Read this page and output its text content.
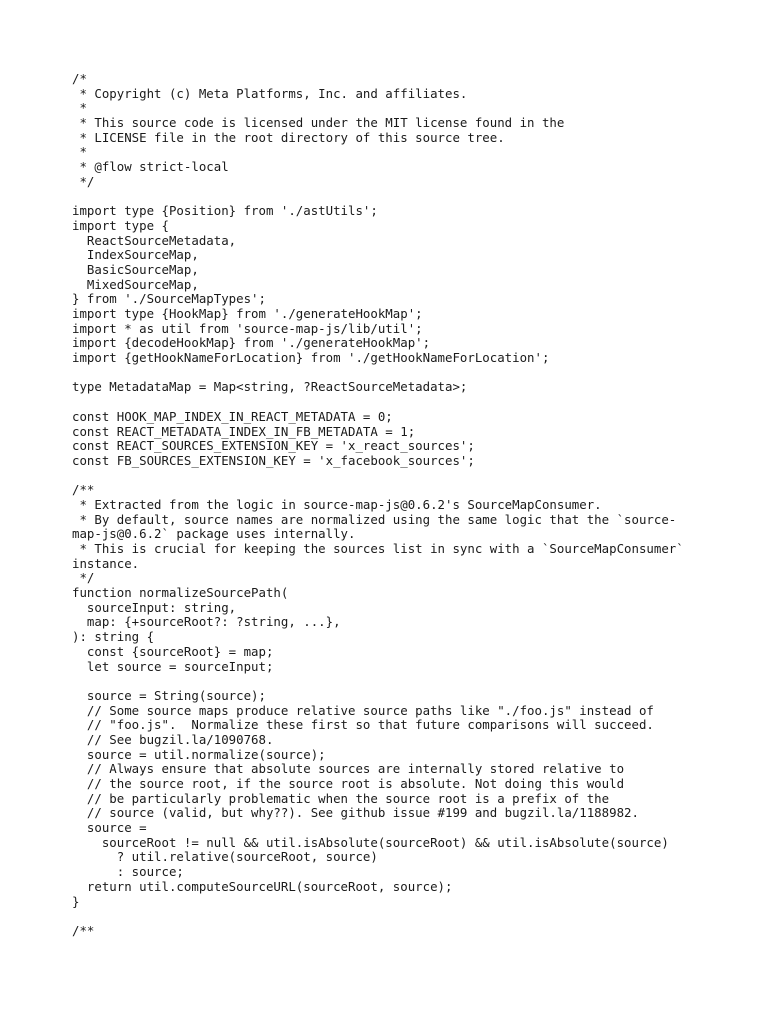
/*
* Copyright (c) Meta Platforms, Inc. and affiliates.
*
* This source code is licensed under the MIT license found in the
* LICENSE file in the root directory of this source tree.
*
* @flow strict-local
*/
import type {Position} from './astUtils';
import type {
ReactSourceMetadata,
IndexSourceMap,
BasicSourceMap,
MixedSourceMap,
} from './SourceMapTypes';
import type {HookMap} from './generateHookMap';
import * as util from 'source-map-js/lib/util';
import {decodeHookMap} from './generateHookMap';
import {getHookNameForLocation} from './getHookNameForLocation';
type MetadataMap = Map<string, ?ReactSourceMetadata>;
const HOOK_MAP_INDEX_IN_REACT_METADATA = 0;
const REACT_METADATA_INDEX_IN_FB_METADATA = 1;
const REACT_SOURCES_EXTENSION_KEY = 'x_react_sources';
const FB_SOURCES_EXTENSION_KEY = 'x_facebook_sources';
/**
* Extracted from the logic in source-map-js@0.6.2's SourceMapConsumer.
* By default, source names are normalized using the same logic that the `source-
map-js@0.6.2` package uses internally.
* This is crucial for keeping the sources list in sync with a `SourceMapConsumer`
instance.
*/
function normalizeSourcePath(
sourceInput: string,
map: {+sourceRoot?: ?string, ...},
): string {
const {sourceRoot} = map;
let source = sourceInput;
source = String(source);
// Some source maps produce relative source paths like "./foo.js" instead of
// "foo.js".  Normalize these first so that future comparisons will succeed.
// See bugzil.la/1090768.
source = util.normalize(source);
// Always ensure that absolute sources are internally stored relative to
// the source root, if the source root is absolute. Not doing this would
// be particularly problematic when the source root is a prefix of the
// source (valid, but why??). See github issue #199 and bugzil.la/1188982.
source =
sourceRoot != null && util.isAbsolute(sourceRoot) && util.isAbsolute(source)
? util.relative(sourceRoot, source)
: source;
return util.computeSourceURL(sourceRoot, source);
}
/**
